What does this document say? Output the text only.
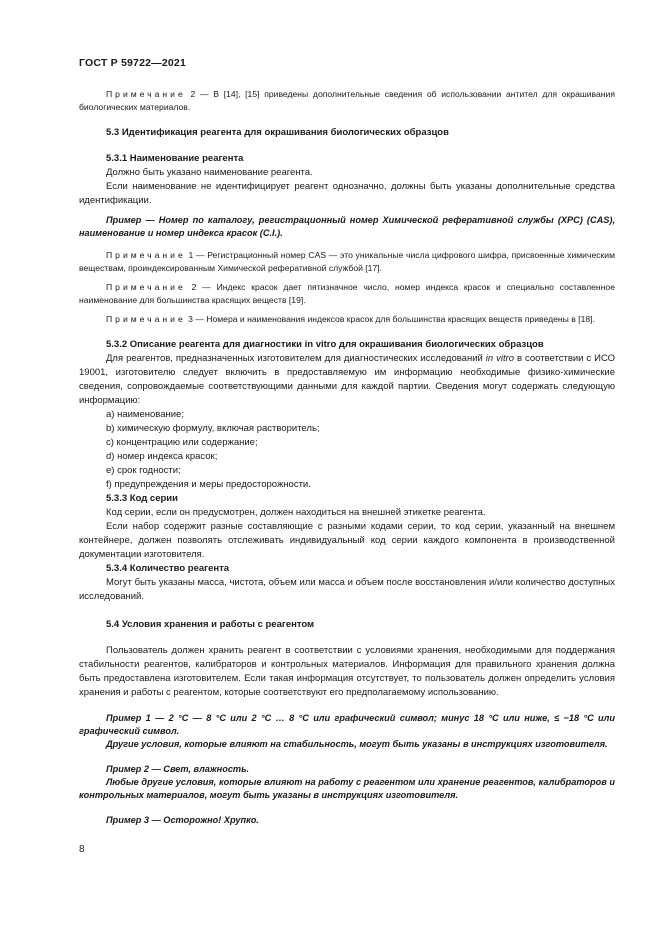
ГОСТ Р 59722—2021

Примечание 2 — В [14], [15] приведены дополнительные сведения об использовании антител для окрашивания биологических материалов.

5.3 Идентификация реагента для окрашивания биологических образцов

5.3.1 Наименование реагента

Должно быть указано наименование реагента.

Если наименование не идентифицирует реагент однозначно, должны быть указаны дополнительные средства идентификации.

Пример — Номер по каталогу, регистрационный номер Химической реферативной службы (ХРС) (CAS), наименование и номер индекса красок (C.I.).

Примечание 1 — Регистрационный номер CAS — это уникальные числа цифрового шифра, присвоенные химическим веществам, проиндексированным Химической реферативной службой [17].

Примечание 2 — Индекс красок дает пятизначное число, номер индекса красок и специально составленное наименование для большинства красящих веществ [19].

Примечание 3 — Номера и наименования индексов красок для большинства красящих веществ приведены в [18].

5.3.2 Описание реагента для диагностики in vitro для окрашивания биологических образцов

Для реагентов, предназначенных изготовителем для диагностических исследований in vitro в соответствии с ИСО 19001, изготовителю следует включить в предоставляемую им информацию необходимые физико-химические сведения, сопровождаемые соответствующими данными для каждой партии. Сведения могут содержать следующую информацию:

a) наименование;

b) химическую формулу, включая растворитель;

c) концентрацию или содержание;

d) номер индекса красок;

e) срок годности;

f) предупреждения и меры предосторожности.

5.3.3 Код серии

Код серии, если он предусмотрен, должен находиться на внешней этикетке реагента.

Если набор содержит разные составляющие с разными кодами серии, то код серии, указанный на внешнем контейнере, должен позволять отслеживать индивидуальный код серии каждого компонента в производственной документации изготовителя.

5.3.4 Количество реагента

Могут быть указаны масса, чистота, объем или масса и объем после восстановления и/или количество доступных исследований.

5.4 Условия хранения и работы с реагентом

Пользователь должен хранить реагент в соответствии с условиями хранения, необходимыми для поддержания стабильности реагентов, калибраторов и контрольных материалов. Информация для правильного хранения должна быть предоставлена изготовителем. Если такая информация отсутствует, то пользователь должен определить условия хранения и работы с реагентом, которые соответствуют его предполагаемому использованию.

Пример 1 — 2 °С — 8 °С или 2 °С … 8 °С или графический символ; минус 18 °С или ниже, ≤ −18 °С или графический символ.

Другие условия, которые влияют на стабильность, могут быть указаны в инструкциях изготовителя.

Пример 2 — Свет, влажность.

Любые другие условия, которые влияют на работу с реагентом или хранение реагентов, калибраторов и контрольных материалов, могут быть указаны в инструкциях изготовителя.

Пример 3 — Осторожно! Хрупко.

8
